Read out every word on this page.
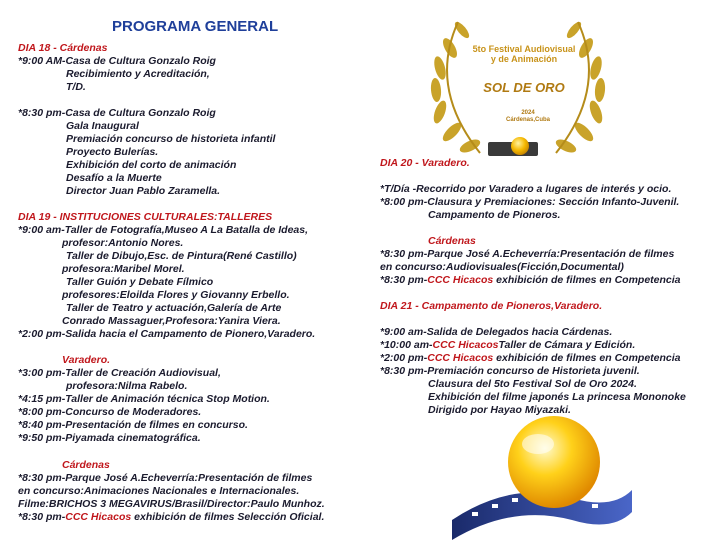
PROGRAMA GENERAL
5to Festival Audiovisual
y de Animación
SOL DE ORO
2024
Cárdenas,Cuba
DIA 18 - Cárdenas
*9:00 AM-Casa de Cultura Gonzalo Roig
Recibimiento y Acreditación,
T/D.
*8:30 pm-Casa de Cultura Gonzalo Roig
Gala Inaugural
Premiación concurso de historieta infantil
Proyecto Bulerías.
Exhibición del corto de animación
Desafío a la Muerte
Director Juan Pablo Zaramella.
DIA 19 - INSTITUCIONES CULTURALES:TALLERES
*9:00 am-Taller de Fotografía,Museo A La Batalla de Ideas,
profesor:Antonio Nores.
Taller de Dibujo,Esc. de Pintura(René Castillo)
profesora:Maribel Morel.
Taller Guión y Debate Fílmico
profesores:Eloilda Flores y Giovanny Erbello.
Taller de Teatro y actuación,Galería de Arte
Conrado Massaguer,Profesora:Yanira Viera.
*2:00 pm-Salida hacia el Campamento de Pionero,Varadero.
Varadero.
*3:00 pm-Taller de Creación Audiovisual,
profesora:Nilma Rabelo.
*4:15 pm-Taller de Animación técnica Stop Motion.
*8:00 pm-Concurso de Moderadores.
*8:40 pm-Presentación de filmes en concurso.
*9:50 pm-Piyamada cinematográfica.
Cárdenas
*8:30 pm-Parque José A.Echeverría:Presentación de filmes
en concurso:Animaciones Nacionales e Internacionales.
Filme:BRICHOS 3 MEGAVIRUS/Brasil/Director:Paulo Munhoz.
*8:30 pm-CCC Hicacos exhibición de filmes Selección Oficial.
DIA 20 - Varadero.
*T/Día -Recorrido por Varadero a lugares de interés y ocio.
*8:00 pm-Clausura y Premiaciones: Sección Infanto-Juvenil.
Campamento de Pioneros.
Cárdenas
*8:30 pm-Parque José A.Echeverría:Presentación de filmes
en concurso:Audiovisuales(Ficción,Documental)
*8:30 pm-CCC Hicacos exhibición de filmes en Competencia
DIA 21 - Campamento de Pioneros,Varadero.
*9:00 am-Salida de Delegados hacia Cárdenas.
*10:00 am-CCC HicacosTaller de Cámara y Edición.
*2:00 pm-CCC Hicacos exhibición de filmes en Competencia
*8:30 pm-Premiación concurso de Historieta juvenil.
Clausura del 5to Festival Sol de Oro 2024.
Exhibición del filme japonés La princesa Mononoke
Dirigido por Hayao Miyazaki.
